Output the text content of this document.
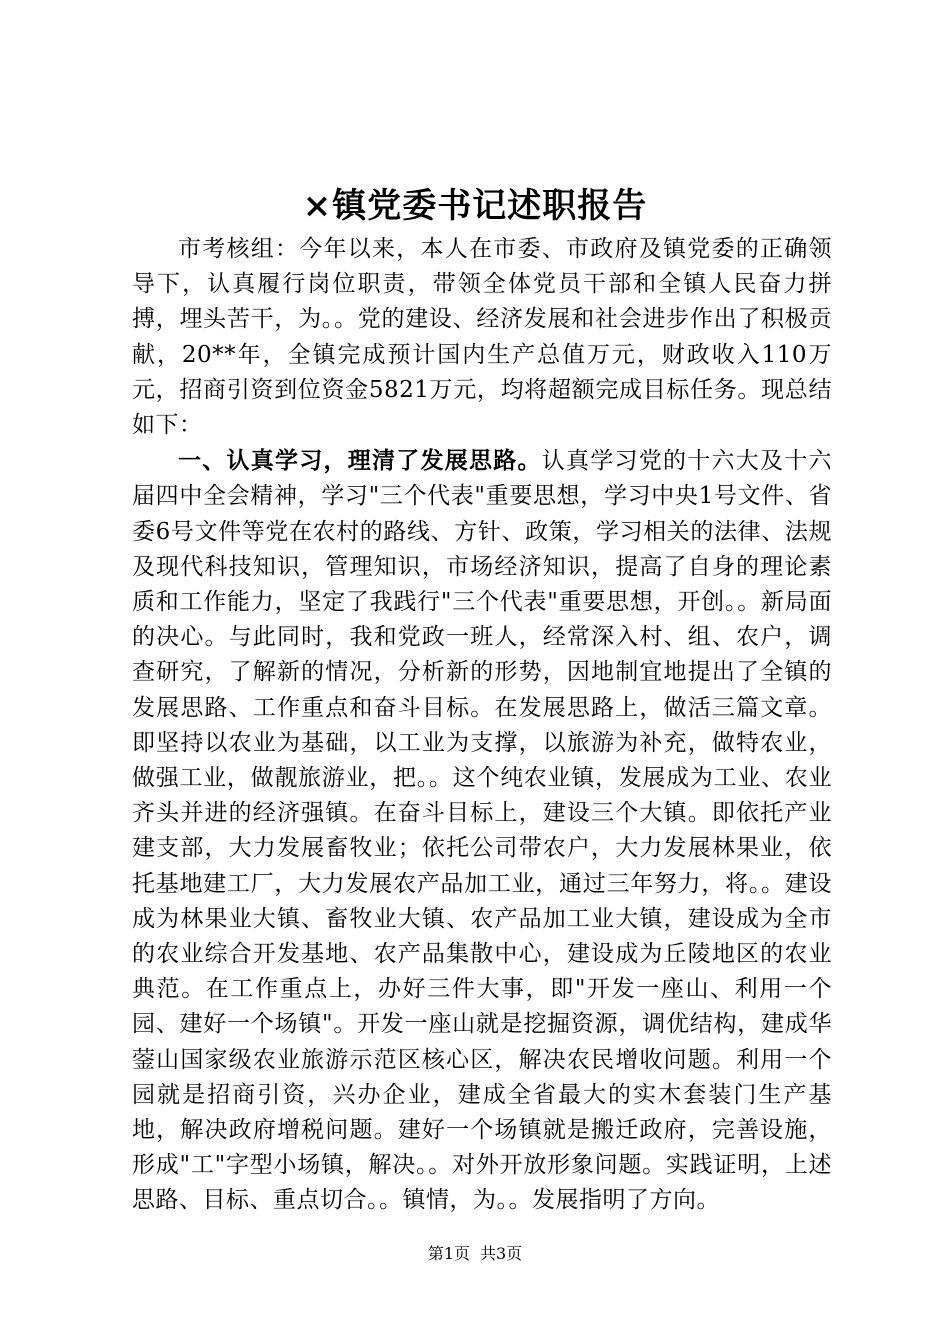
×镇党委书记述职报告

市考核组：今年以来，本人在市委、市政府及镇党委的正确领导下，认真履行岗位职责，带领全体党员干部和全镇人民奋力拼搏，埋头苦干，为。。党的建设、经济发展和社会进步作出了积极贡献，20**年，全镇完成预计国内生产总值万元，财政收入110万元，招商引资到位资金5821万元，均将超额完成目标任务。现总结如下：

一、认真学习，理清了发展思路。认真学习党的十六大及十六届四中全会精神，学习"三个代表"重要思想，学习中央1号文件、省委6号文件等党在农村的路线、方针、政策，学习相关的法律、法规及现代科技知识，管理知识，市场经济知识，提高了自身的理论素质和工作能力，坚定了我践行"三个代表"重要思想，开创。。新局面的决心。与此同时，我和党政一班人，经常深入村、组、农户，调查研究，了解新的情况，分析新的形势，因地制宜地提出了全镇的发展思路、工作重点和奋斗目标。在发展思路上，做活三篇文章。即坚持以农业为基础，以工业为支撑，以旅游为补充，做特农业，做强工业，做靓旅游业，把。。这个纯农业镇，发展成为工业、农业齐头并进的经济强镇。在奋斗目标上，建设三个大镇。即依托产业建支部，大力发展畜牧业；依托公司带农户，大力发展林果业，依托基地建工厂，大力发展农产品加工业，通过三年努力，将。。建设成为林果业大镇、畜牧业大镇、农产品加工业大镇，建设成为全市的农业综合开发基地、农产品集散中心，建设成为丘陵地区的农业典范。在工作重点上，办好三件大事，即"开发一座山、利用一个园、建好一个场镇"。开发一座山就是挖掘资源，调优结构，建成华蓥山国家级农业旅游示范区核心区，解决农民增收问题。利用一个园就是招商引资，兴办企业，建成全省最大的实木套装门生产基地，解决政府增税问题。建好一个场镇就是搬迁政府，完善设施，形成"工"字型小场镇，解决。。对外开放形象问题。实践证明，上述思路、目标、重点切合。。镇情，为。。发展指明了方向。

第1页 共3页
